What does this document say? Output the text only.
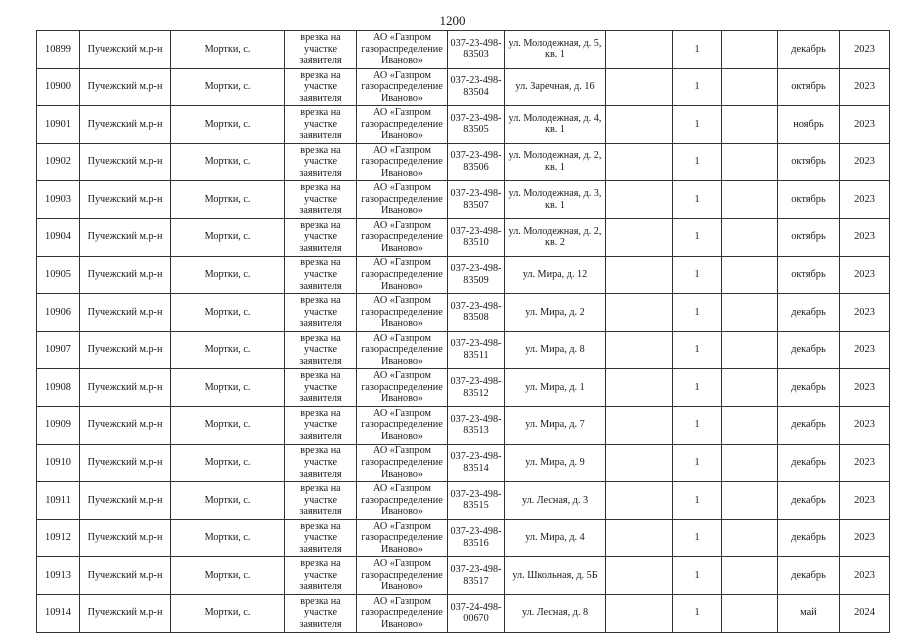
1200
10899	Пучежский м.р-н	Мортки, с.	врезка на участке заявителя	АО «Газпром газораспределение Иваново»	037-23-498-83503	ул. Молодежная, д. 5, кв. 1		1		декабрь	2023
10900	Пучежский м.р-н	Мортки, с.	врезка на участке заявителя	АО «Газпром газораспределение Иваново»	037-23-498-83504	ул. Заречная, д. 16		1		октябрь	2023
10901	Пучежский м.р-н	Мортки, с.	врезка на участке заявителя	АО «Газпром газораспределение Иваново»	037-23-498-83505	ул. Молодежная, д. 4, кв. 1		1		ноябрь	2023
10902	Пучежский м.р-н	Мортки, с.	врезка на участке заявителя	АО «Газпром газораспределение Иваново»	037-23-498-83506	ул. Молодежная, д. 2, кв. 1		1		октябрь	2023
10903	Пучежский м.р-н	Мортки, с.	врезка на участке заявителя	АО «Газпром газораспределение Иваново»	037-23-498-83507	ул. Молодежная, д. 3, кв. 1		1		октябрь	2023
10904	Пучежский м.р-н	Мортки, с.	врезка на участке заявителя	АО «Газпром газораспределение Иваново»	037-23-498-83510	ул. Молодежная, д. 2, кв. 2		1		октябрь	2023
10905	Пучежский м.р-н	Мортки, с.	врезка на участке заявителя	АО «Газпром газораспределение Иваново»	037-23-498-83509	ул. Мира, д. 12		1		октябрь	2023
10906	Пучежский м.р-н	Мортки, с.	врезка на участке заявителя	АО «Газпром газораспределение Иваново»	037-23-498-83508	ул. Мира, д. 2		1		декабрь	2023
10907	Пучежский м.р-н	Мортки, с.	врезка на участке заявителя	АО «Газпром газораспределение Иваново»	037-23-498-83511	ул. Мира, д. 8		1		декабрь	2023
10908	Пучежский м.р-н	Мортки, с.	врезка на участке заявителя	АО «Газпром газораспределение Иваново»	037-23-498-83512	ул. Мира, д. 1		1		декабрь	2023
10909	Пучежский м.р-н	Мортки, с.	врезка на участке заявителя	АО «Газпром газораспределение Иваново»	037-23-498-83513	ул. Мира, д. 7		1		декабрь	2023
10910	Пучежский м.р-н	Мортки, с.	врезка на участке заявителя	АО «Газпром газораспределение Иваново»	037-23-498-83514	ул. Мира, д. 9		1		декабрь	2023
10911	Пучежский м.р-н	Мортки, с.	врезка на участке заявителя	АО «Газпром газораспределение Иваново»	037-23-498-83515	ул. Лесная, д. 3		1		декабрь	2023
10912	Пучежский м.р-н	Мортки, с.	врезка на участке заявителя	АО «Газпром газораспределение Иваново»	037-23-498-83516	ул. Мира, д. 4		1		декабрь	2023
10913	Пучежский м.р-н	Мортки, с.	врезка на участке заявителя	АО «Газпром газораспределение Иваново»	037-23-498-83517	ул. Школьная, д. 5Б		1		декабрь	2023
10914	Пучежский м.р-н	Мортки, с.	врезка на участке заявителя	АО «Газпром газораспределение Иваново»	037-24-498-00670	ул. Лесная, д. 8		1		май	2024
